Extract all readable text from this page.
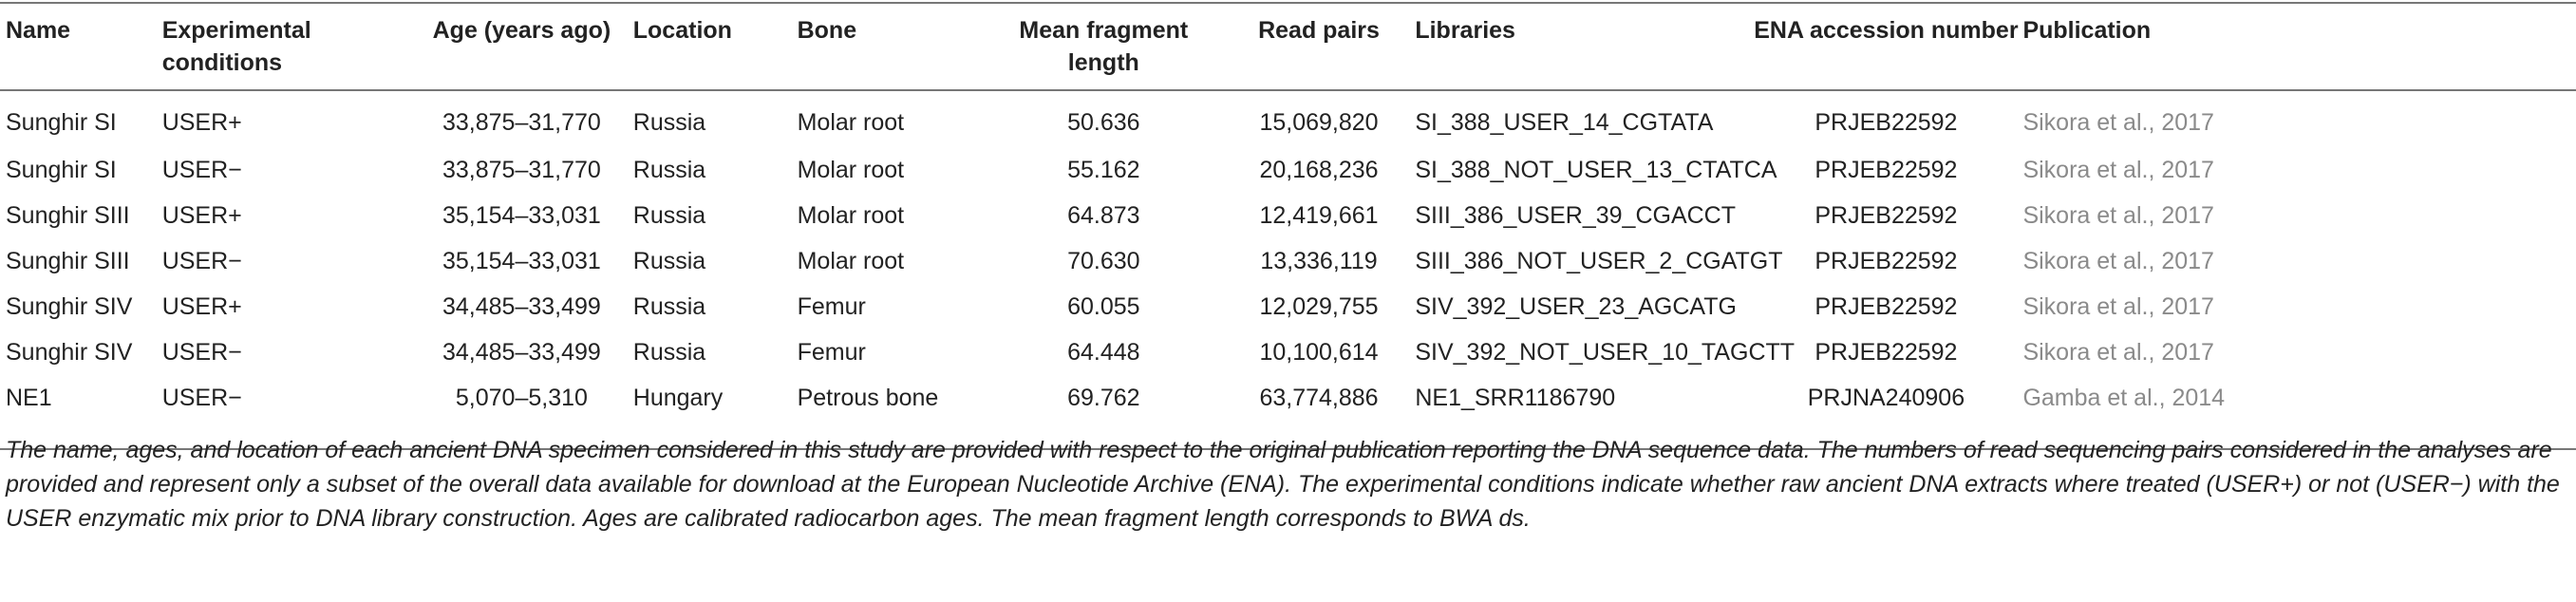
Name	Experimental conditions	Age (years ago)	Location	Bone	Mean fragment length	Read pairs	Libraries	ENA accession number	Publication
Sunghir SI	USER+	33,875–31,770	Russia	Molar root	50.636	15,069,820	SI_388_USER_14_CGTATA	PRJEB22592	Sikora et al., 2017
Sunghir SI	USER−	33,875–31,770	Russia	Molar root	55.162	20,168,236	SI_388_NOT_USER_13_CTATCA	PRJEB22592	Sikora et al., 2017
Sunghir SIII	USER+	35,154–33,031	Russia	Molar root	64.873	12,419,661	SIII_386_USER_39_CGACCT	PRJEB22592	Sikora et al., 2017
Sunghir SIII	USER−	35,154–33,031	Russia	Molar root	70.630	13,336,119	SIII_386_NOT_USER_2_CGATGT	PRJEB22592	Sikora et al., 2017
Sunghir SIV	USER+	34,485–33,499	Russia	Femur	60.055	12,029,755	SIV_392_USER_23_AGCATG	PRJEB22592	Sikora et al., 2017
Sunghir SIV	USER−	34,485–33,499	Russia	Femur	64.448	10,100,614	SIV_392_NOT_USER_10_TAGCTT	PRJEB22592	Sikora et al., 2017
NE1	USER−	5,070–5,310	Hungary	Petrous bone	69.762	63,774,886	NE1_SRR1186790	PRJNA240906	Gamba et al., 2014
The name, ages, and location of each ancient DNA specimen considered in this study are provided with respect to the original publication reporting the DNA sequence data. The numbers of read sequencing pairs considered in the analyses are provided and represent only a subset of the overall data available for download at the European Nucleotide Archive (ENA). The experimental conditions indicate whether raw ancient DNA extracts where treated (USER+) or not (USER−) with the USER enzymatic mix prior to DNA library construction. Ages are calibrated radiocarbon ages. The mean fragment length corresponds to BWA ds.
